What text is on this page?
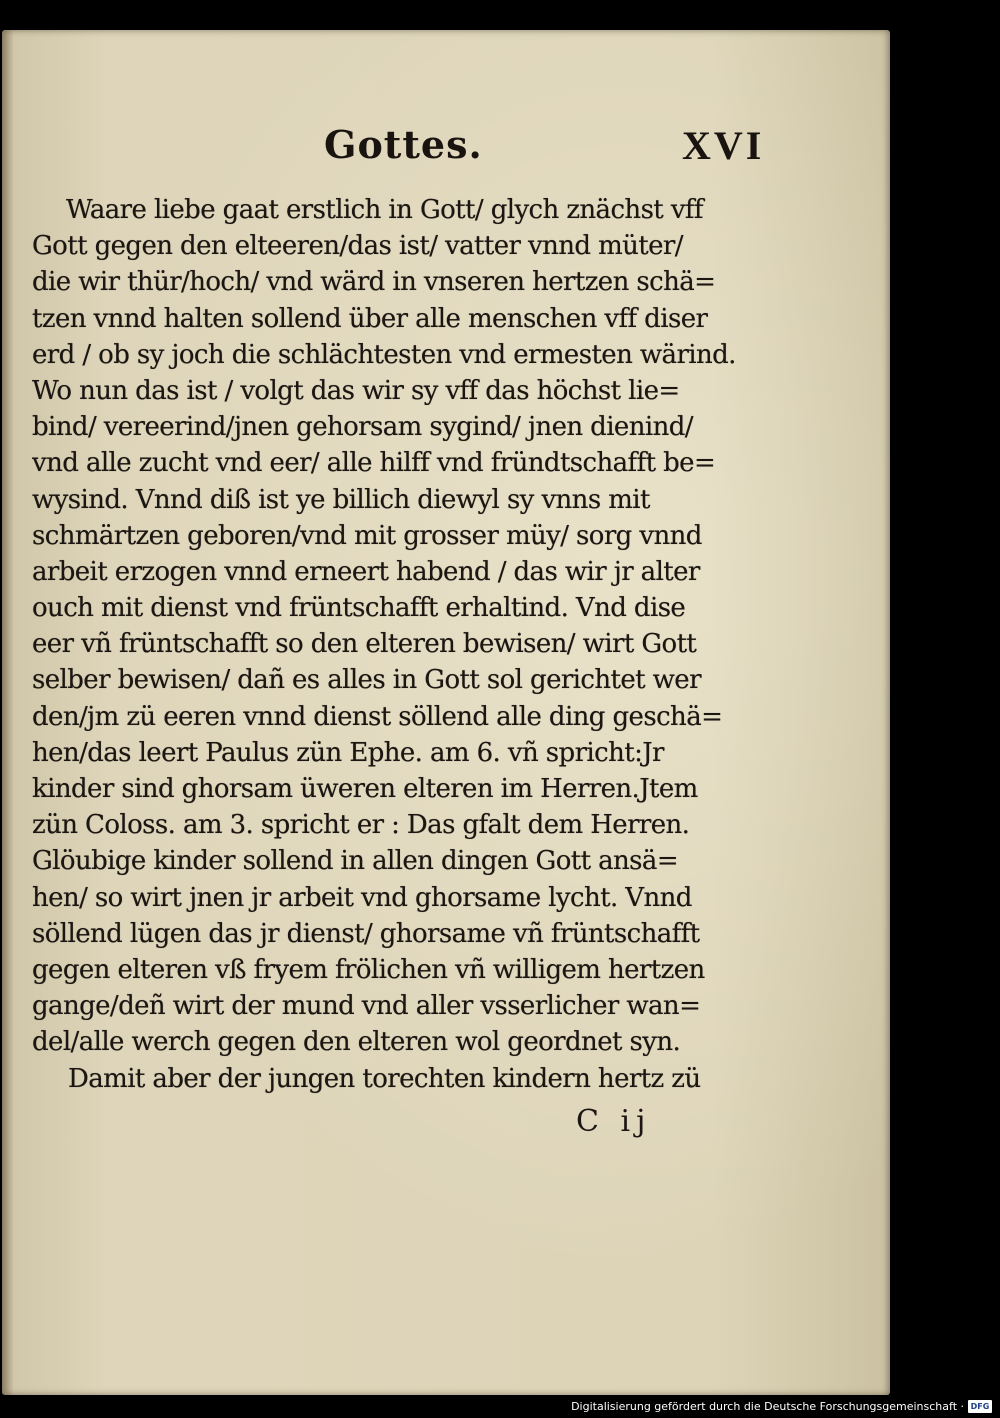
Gottes.	XVI
Waare liebe gaat erstlich in Gott/ glych znächst vff
Gott gegen den elteeren/das ist/ vatter vnnd müter/
die wir thür/hoch/ vnd wärd in vnseren hertzen schä=
tzen vnnd halten sollend über alle menschen vff diser
erd / ob sy joch die schlächtesten vnd ermesten wärind.
Wo nun das ist / volgt das wir sy vff das höchst lie=
bind/ vereerind/jnen gehorsam sygind/ jnen dienind/
vnd alle zucht vnd eer/ alle hilff vnd fründtschafft be=
wysind. Vnnd diß ist ye billich diewyl sy vnns mit
schmärtzen geboren/vnd mit grosser müy/ sorg vnnd
arbeit erzogen vnnd erneert habend / das wir jr alter
ouch mit dienst vnd früntschafft erhaltind. Vnd dise
eer vñ früntschafft so den elteren bewisen/ wirt Gott
selber bewisen/ dañ es alles in Gott sol gerichtet wer
den/jm zü eeren vnnd dienst söllend alle ding geschä=
hen/das leert Paulus zün Ephe. am 6. vñ spricht:Jr
kinder sind ghorsam üweren elteren im Herren.Jtem
zün Coloss. am 3. spricht er : Das gfalt dem Herren.
Glöubige kinder sollend in allen dingen Gott ansä=
hen/ so wirt jnen jr arbeit vnd ghorsame lycht. Vnnd
söllend lügen das jr dienst/ ghorsame vñ früntschafft
gegen elteren vß fryem frölichen vñ willigem hertzen
gange/deñ wirt der mund vnd aller vsserlicher wan=
del/alle werch gegen den elteren wol geordnet syn.
Damit aber der jungen torechten kindern hertz zü
C ij
Digitalisierung gefördert durch die Deutsche Forschungsgemeinschaft · DFG
